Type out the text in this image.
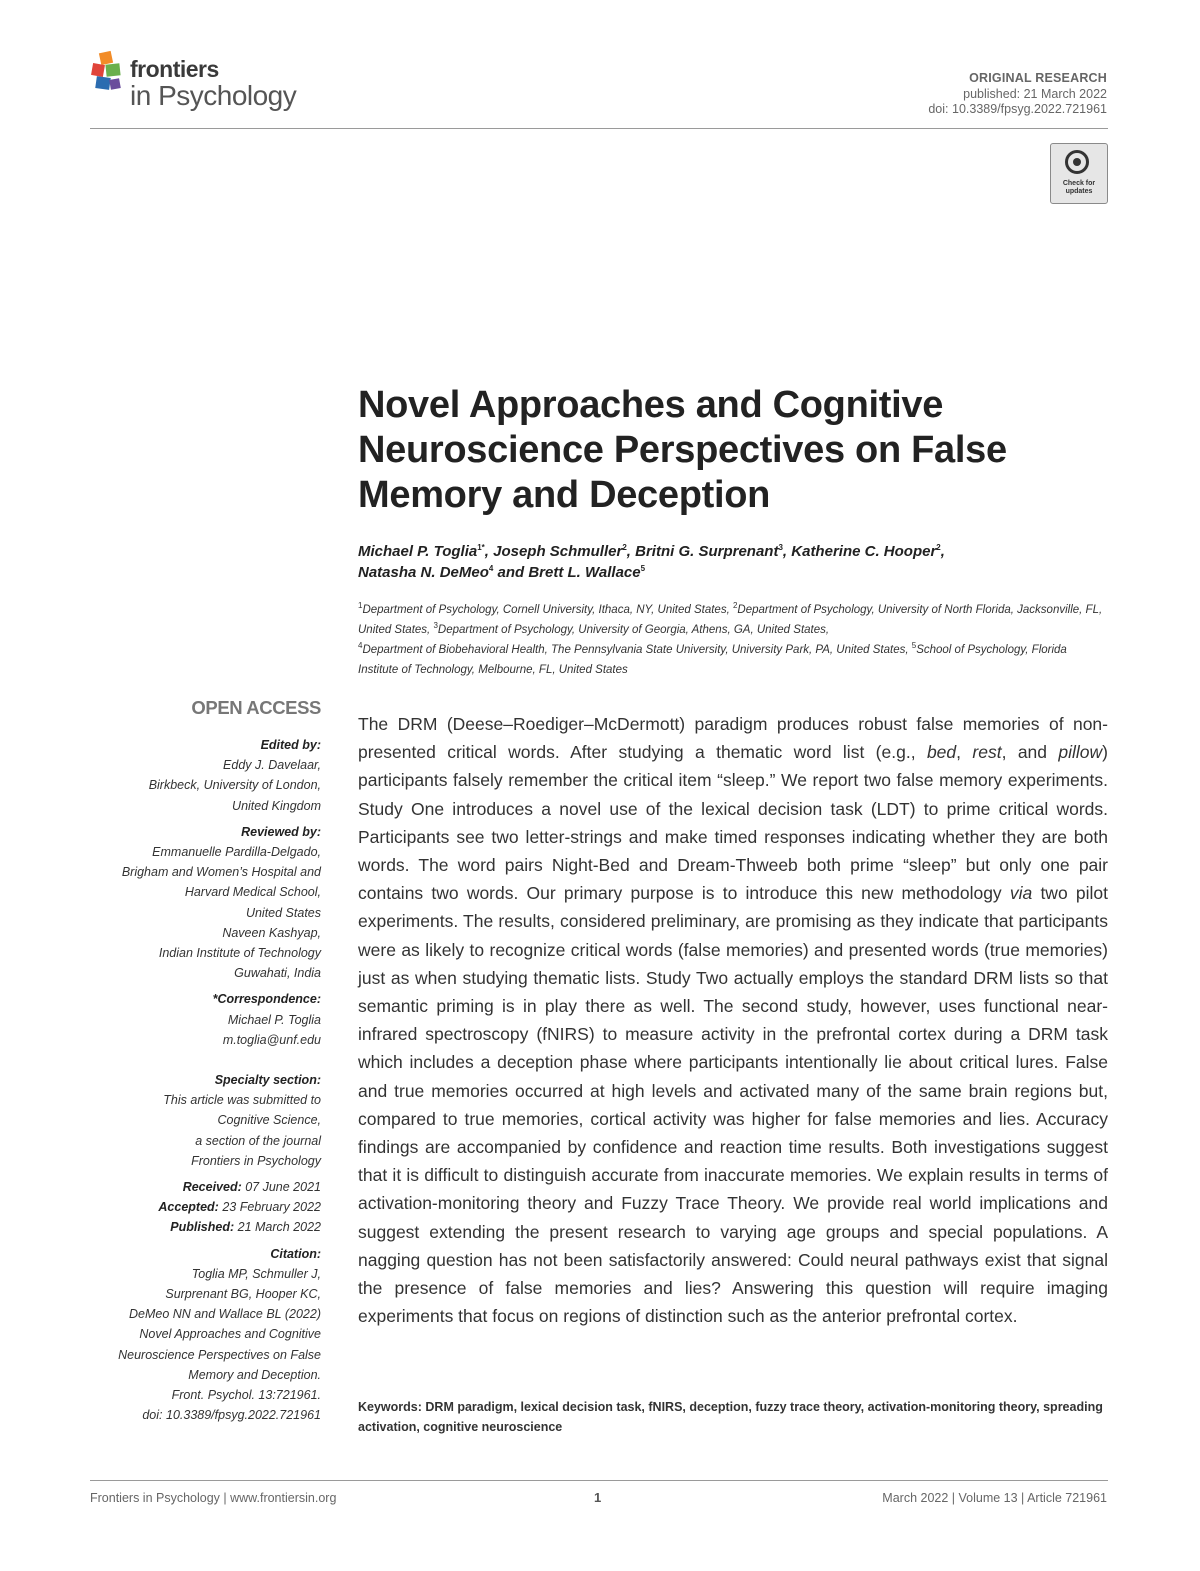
frontiers
in Psychology
ORIGINAL RESEARCH
published: 21 March 2022
doi: 10.3389/fpsyg.2022.721961
Check for updates
Novel Approaches and Cognitive
Neuroscience Perspectives on False
Memory and Deception
Michael P. Toglia$^{1*}$, Joseph Schmuller$^2$, Britni G. Surprenant$^3$, Katherine C. Hooper$^2$,
Natasha N. DeMeo$^4$ and Brett L. Wallace$^5$
$^1$Department of Psychology, Cornell University, Ithaca, NY, United States, $^2$Department of Psychology, University of North Florida, Jacksonville, FL, United States, $^3$Department of Psychology, University of Georgia, Athens, GA, United States,
$^4$Department of Biobehavioral Health, The Pennsylvania State University, University Park, PA, United States, $^5$School of Psychology, Florida Institute of Technology, Melbourne, FL, United States
OPEN ACCESS
Edited by:
Eddy J. Davelaar,
Birkbeck, University of London,
United Kingdom
Reviewed by:
Emmanuelle Pardilla-Delgado,
Brigham and Women’s Hospital and
Harvard Medical School,
United States
Naveen Kashyap,
Indian Institute of Technology
Guwahati, India
*Correspondence:
Michael P. Toglia
m.toglia@unf.edu
Specialty section:
This article was submitted to
Cognitive Science,
a section of the journal
Frontiers in Psychology
Received: 07 June 2021
Accepted: 23 February 2022
Published: 21 March 2022
Citation:
Toglia MP, Schmuller J,
Surprenant BG, Hooper KC,
DeMeo NN and Wallace BL (2022)
Novel Approaches and Cognitive
Neuroscience Perspectives on False
Memory and Deception.
Front. Psychol. 13:721961.
doi: 10.3389/fpsyg.2022.721961
The DRM (Deese–Roediger–McDermott) paradigm produces robust false memories of non-presented critical words. After studying a thematic word list (e.g., bed, rest, and pillow) participants falsely remember the critical item “sleep.” We report two false memory experiments. Study One introduces a novel use of the lexical decision task (LDT) to prime critical words. Participants see two letter-strings and make timed responses indicating whether they are both words. The word pairs Night-Bed and Dream-Thweeb both prime “sleep” but only one pair contains two words. Our primary purpose is to introduce this new methodology via two pilot experiments. The results, considered preliminary, are promising as they indicate that participants were as likely to recognize critical words (false memories) and presented words (true memories) just as when studying thematic lists. Study Two actually employs the standard DRM lists so that semantic priming is in play there as well. The second study, however, uses functional near-infrared spectroscopy (fNIRS) to measure activity in the prefrontal cortex during a DRM task which includes a deception phase where participants intentionally lie about critical lures. False and true memories occurred at high levels and activated many of the same brain regions but, compared to true memories, cortical activity was higher for false memories and lies. Accuracy findings are accompanied by confidence and reaction time results. Both investigations suggest that it is difficult to distinguish accurate from inaccurate memories. We explain results in terms of activation-monitoring theory and Fuzzy Trace Theory. We provide real world implications and suggest extending the present research to varying age groups and special populations. A nagging question has not been satisfactorily answered: Could neural pathways exist that signal the presence of false memories and lies? Answering this question will require imaging experiments that focus on regions of distinction such as the anterior prefrontal cortex.
Keywords: DRM paradigm, lexical decision task, fNIRS, deception, fuzzy trace theory, activation-monitoring theory, spreading activation, cognitive neuroscience
Frontiers in Psychology | www.frontiersin.org	1	March 2022 | Volume 13 | Article 721961
